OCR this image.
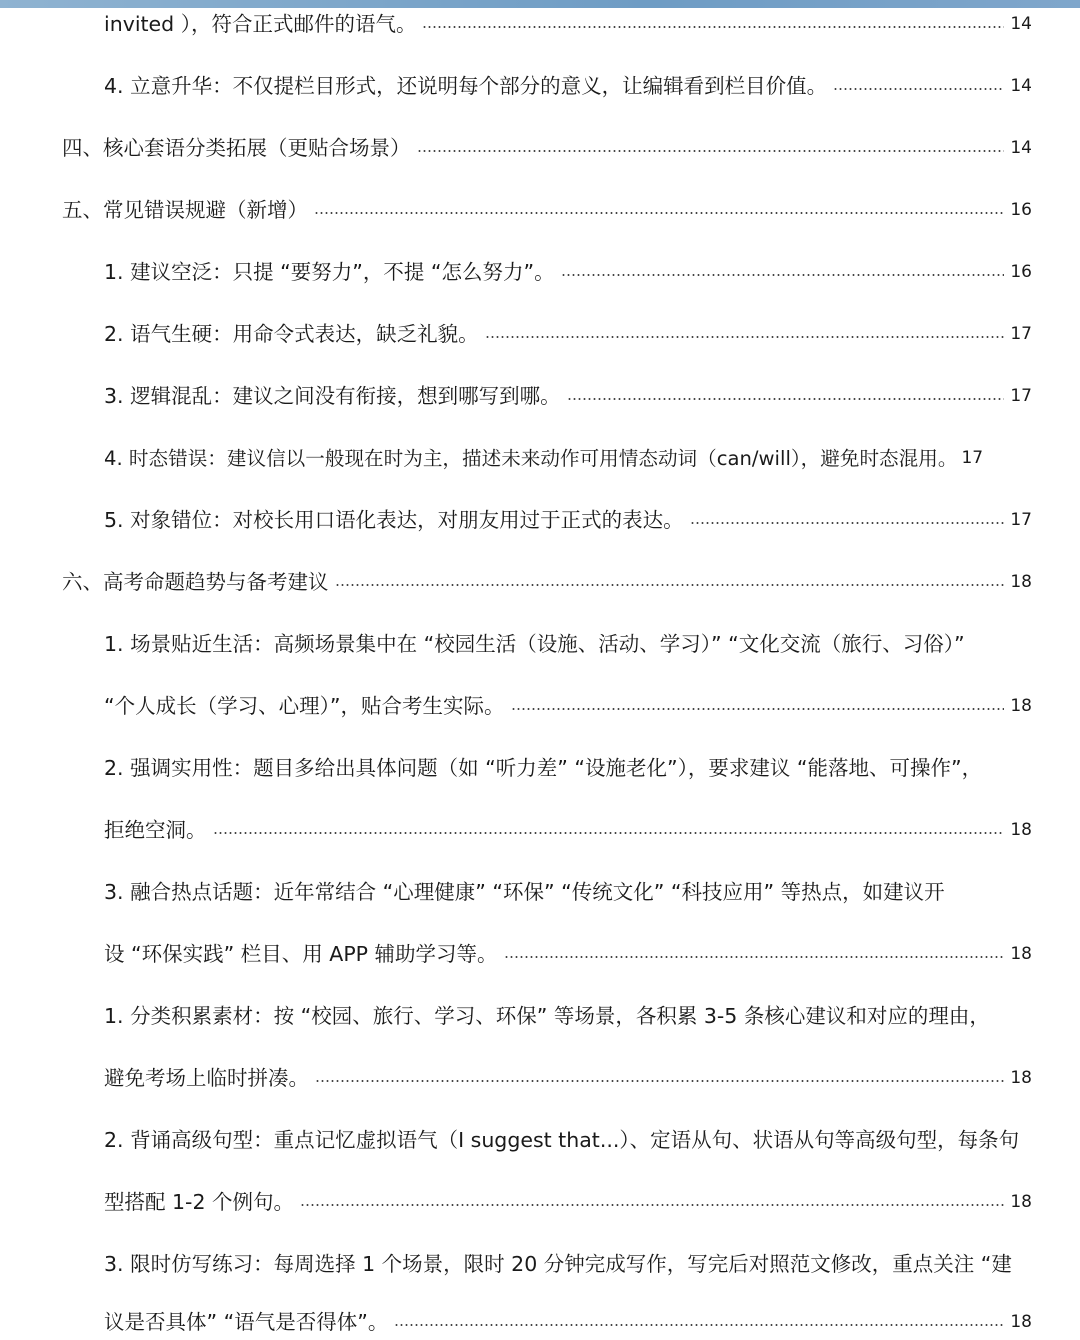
invited ），符合正式邮件的语气。	14
4. 立意升华：不仅提栏目形式，还说明每个部分的意义，让编辑看到栏目价值。	14
四、核心套语分类拓展（更贴合场景）	14
五、常见错误规避（新增）	16
1. 建议空泛：只提 “要努力”，不提 “怎么努力”。	16
2. 语气生硬：用命令式表达，缺乏礼貌。	17
3. 逻辑混乱：建议之间没有衔接，想到哪写到哪。	17
4. 时态错误：建议信以一般现在时为主，描述未来动作可用情态动词（can/will），避免时态混用。 17
5. 对象错位：对校长用口语化表达，对朋友用过于正式的表达。	17
六、高考命题趋势与备考建议	18
1. 场景贴近生活：高频场景集中在 “校园生活（设施、活动、学习）” “文化交流（旅行、习俗）”
“个人成长（学习、心理）”，贴合考生实际。	18
2. 强调实用性：题目多给出具体问题（如 “听力差” “设施老化”），要求建议 “能落地、可操作”，
拒绝空洞。	18
3. 融合热点话题：近年常结合 “心理健康” “环保” “传统文化” “科技应用” 等热点，如建议开
设 “环保实践” 栏目、用 APP 辅助学习等。	18
1. 分类积累素材：按 “校园、旅行、学习、环保” 等场景，各积累 3-5 条核心建议和对应的理由，
避免考场上临时拼凑。	18
2. 背诵高级句型：重点记忆虚拟语气（I suggest that...）、定语从句、状语从句等高级句型，每条句
型搭配 1-2 个例句。	18
3. 限时仿写练习：每周选择 1 个场景，限时 20 分钟完成写作，写完后对照范文修改，重点关注 “建
议是否具体” “语气是否得体”。	18
